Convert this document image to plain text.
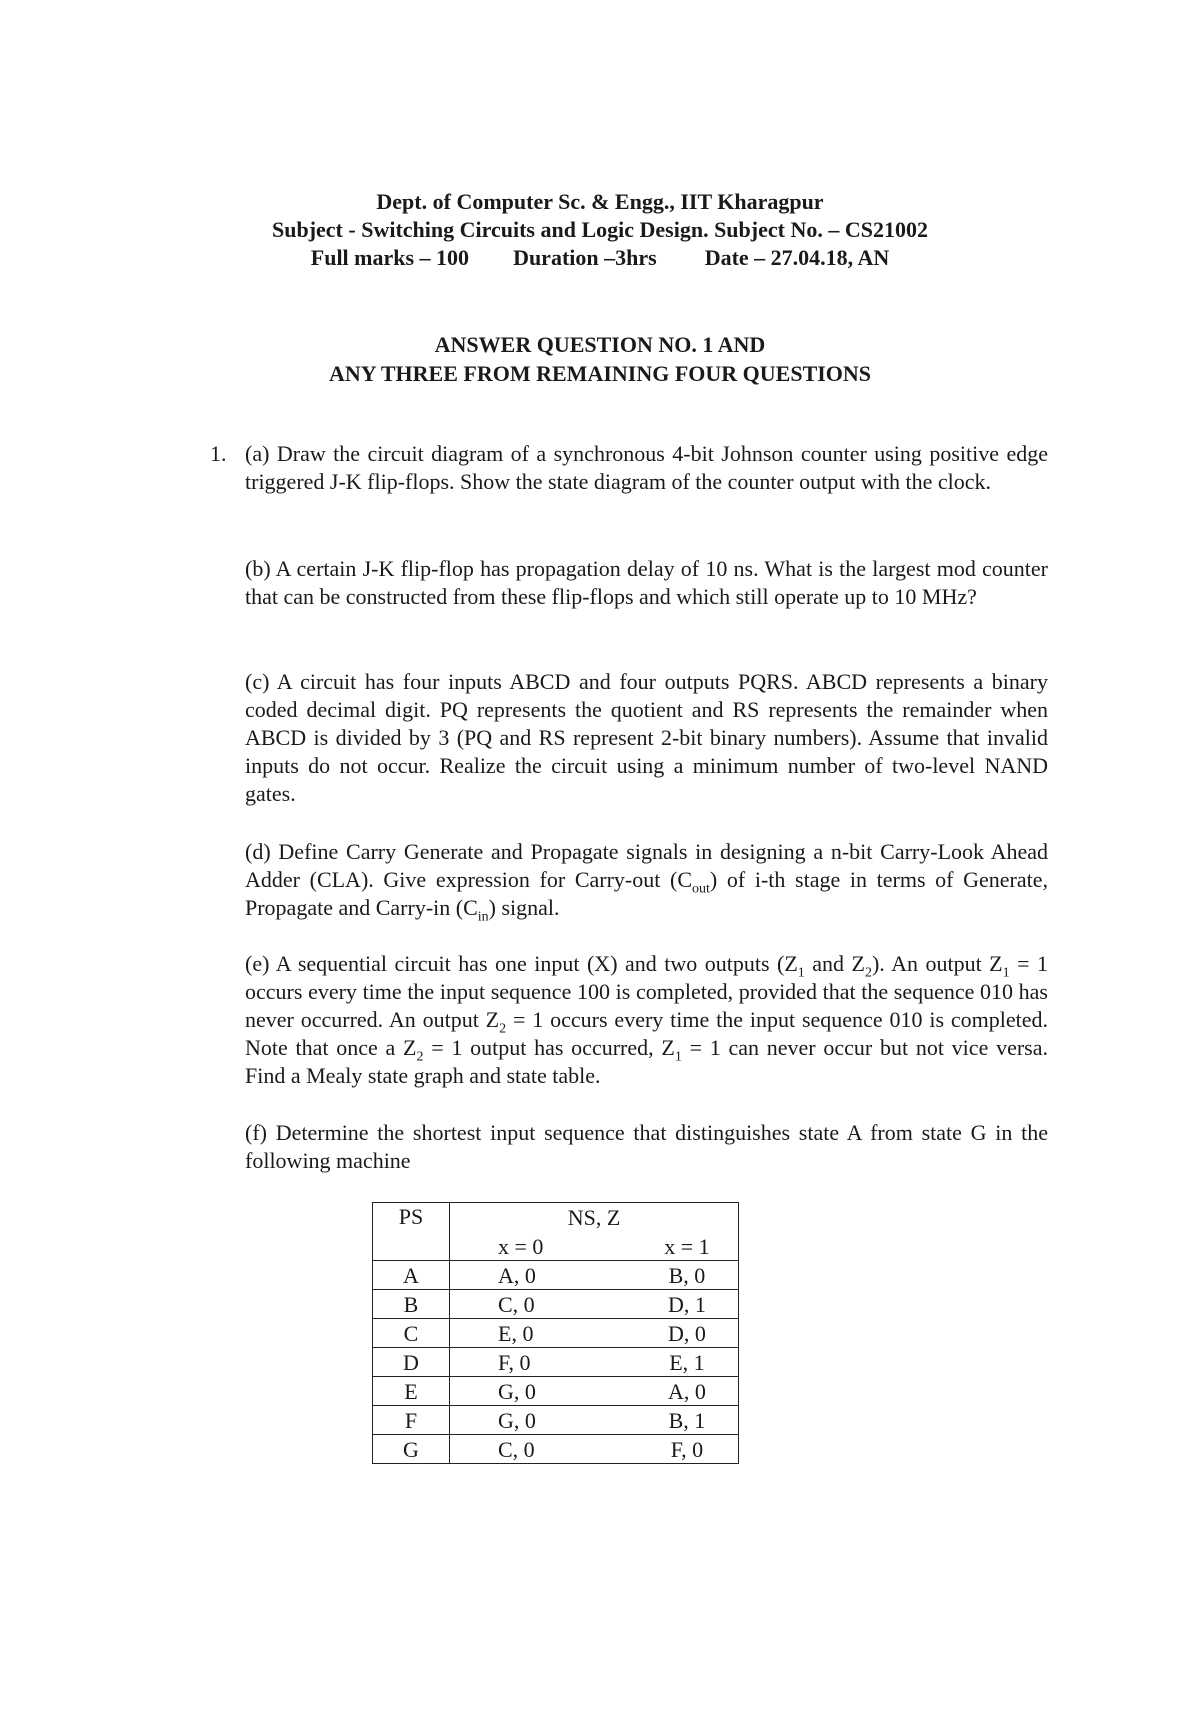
Dept. of Computer Sc. & Engg., IIT Kharagpur
Subject - Switching Circuits and Logic Design. Subject No. – CS21002
Full marks – 100 Duration –3hrs Date – 27.04.18, AN
ANSWER QUESTION NO. 1 AND
ANY THREE FROM REMAINING FOUR QUESTIONS
1. (a) Draw the circuit diagram of a synchronous 4-bit Johnson counter using positive edge triggered J-K flip-flops. Show the state diagram of the counter output with the clock.
(b) A certain J-K flip-flop has propagation delay of 10 ns. What is the largest mod counter that can be constructed from these flip-flops and which still operate up to 10 MHz?
(c) A circuit has four inputs ABCD and four outputs PQRS. ABCD represents a binary coded decimal digit. PQ represents the quotient and RS represents the remainder when ABCD is divided by 3 (PQ and RS represent 2-bit binary numbers). Assume that invalid inputs do not occur. Realize the circuit using a minimum number of two-level NAND gates.
(d) Define Carry Generate and Propagate signals in designing a n-bit Carry-Look Ahead Adder (CLA). Give expression for Carry-out $(C_{out})$ of i-th stage in terms of Generate, Propagate and Carry-in $(C_{in})$ signal.
(e) A sequential circuit has one input (X) and two outputs ($Z_1$ and $Z_2$). An output $Z_1 = 1$ occurs every time the input sequence 100 is completed, provided that the sequence 010 has never occurred. An output $Z_2 = 1$ occurs every time the input sequence 010 is completed. Note that once a $Z_2 = 1$ output has occurred, $Z_1 = 1$ can never occur but not vice versa. Find a Mealy state graph and state table.
(f) Determine the shortest input sequence that distinguishes state A from state G in the following machine
PS	NS, Z	
	x = 0	x = 1
A	A, 0	B, 0
B	C, 0	D, 1
C	E, 0	D, 0
D	F, 0	E, 1
E	G, 0	A, 0
F	G, 0	B, 1
G	C, 0	F, 0
